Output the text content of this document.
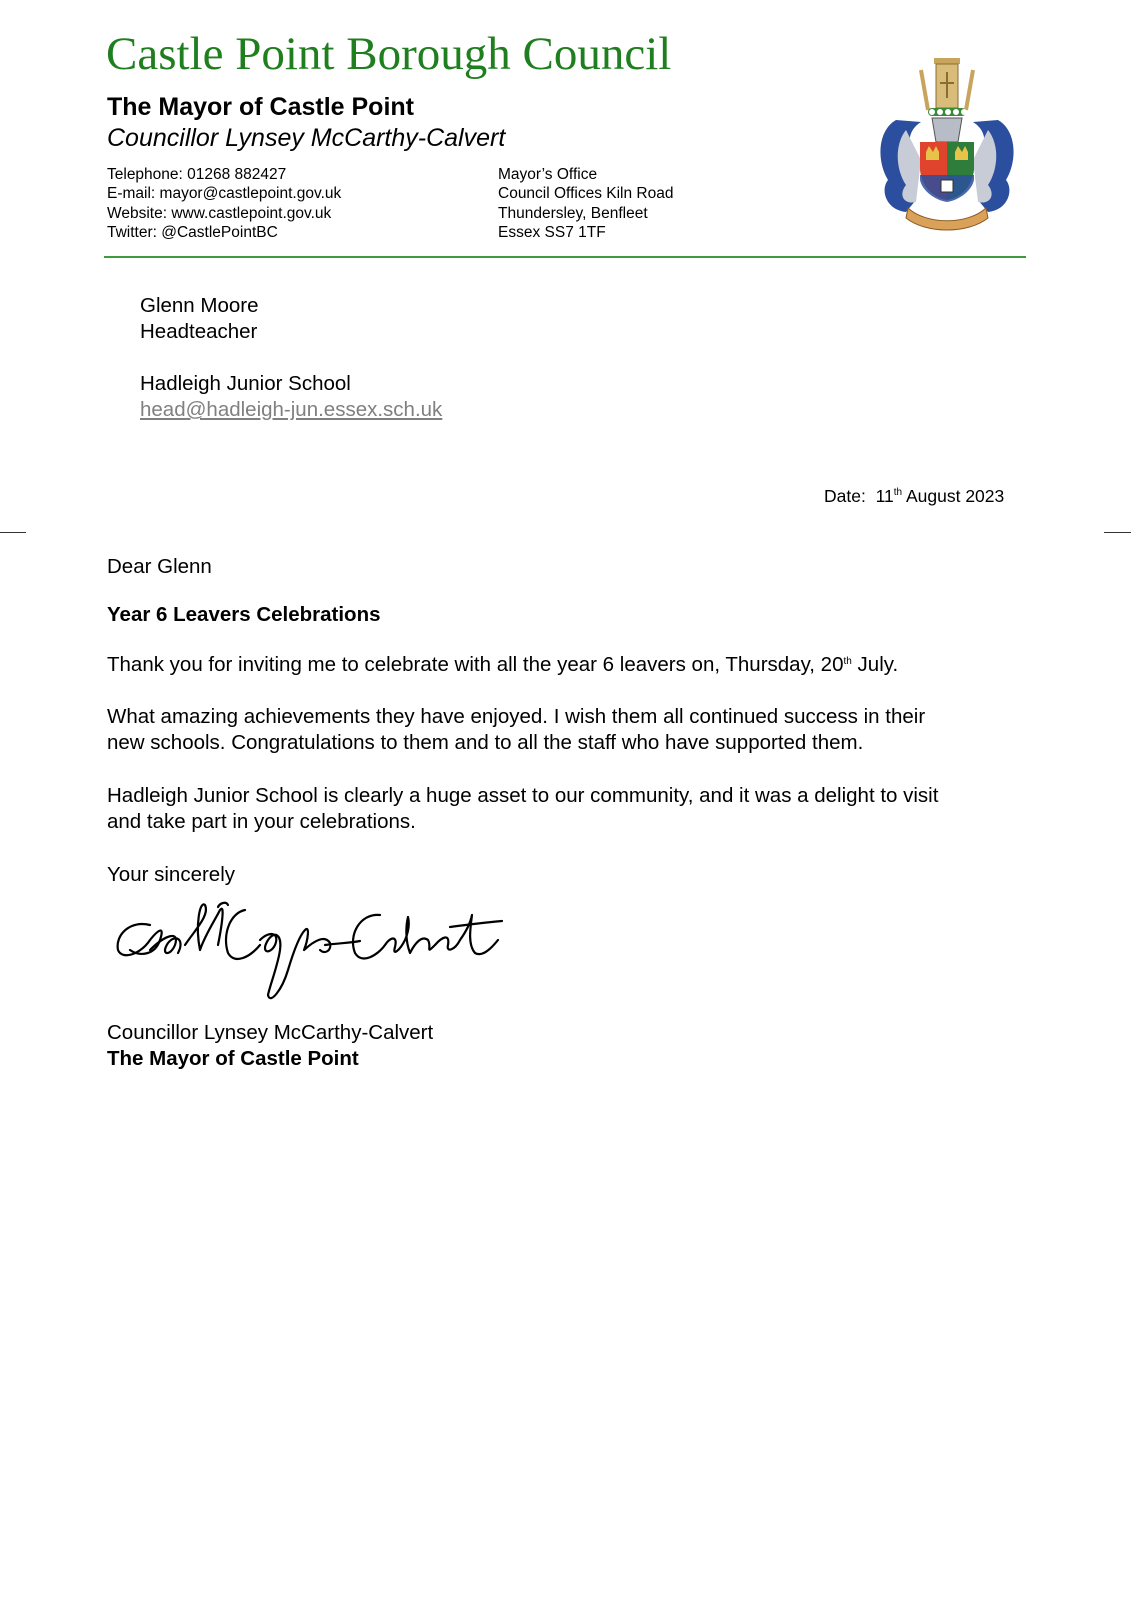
Castle Point Borough Council
The Mayor of Castle Point
Councillor Lynsey McCarthy-Calvert
Telephone: 01268 882427
E-mail: mayor@castlepoint.gov.uk
Website: www.castlepoint.gov.uk
Twitter: @CastlePointBC
Mayor’s Office
Council Offices Kiln Road
Thundersley, Benfleet
Essex SS7 1TF
Glenn Moore
Headteacher
Hadleigh Junior School
head@hadleigh-jun.essex.sch.uk
Date: 11th August 2023
Dear Glenn
Year 6 Leavers Celebrations
Thank you for inviting me to celebrate with all the year 6 leavers on, Thursday, 20th July.
What amazing achievements they have enjoyed. I wish them all continued success in their
new schools. Congratulations to them and to all the staff who have supported them.
Hadleigh Junior School is clearly a huge asset to our community, and it was a delight to visit
and take part in your celebrations.
Your sincerely
Councillor Lynsey McCarthy-Calvert
The Mayor of Castle Point
